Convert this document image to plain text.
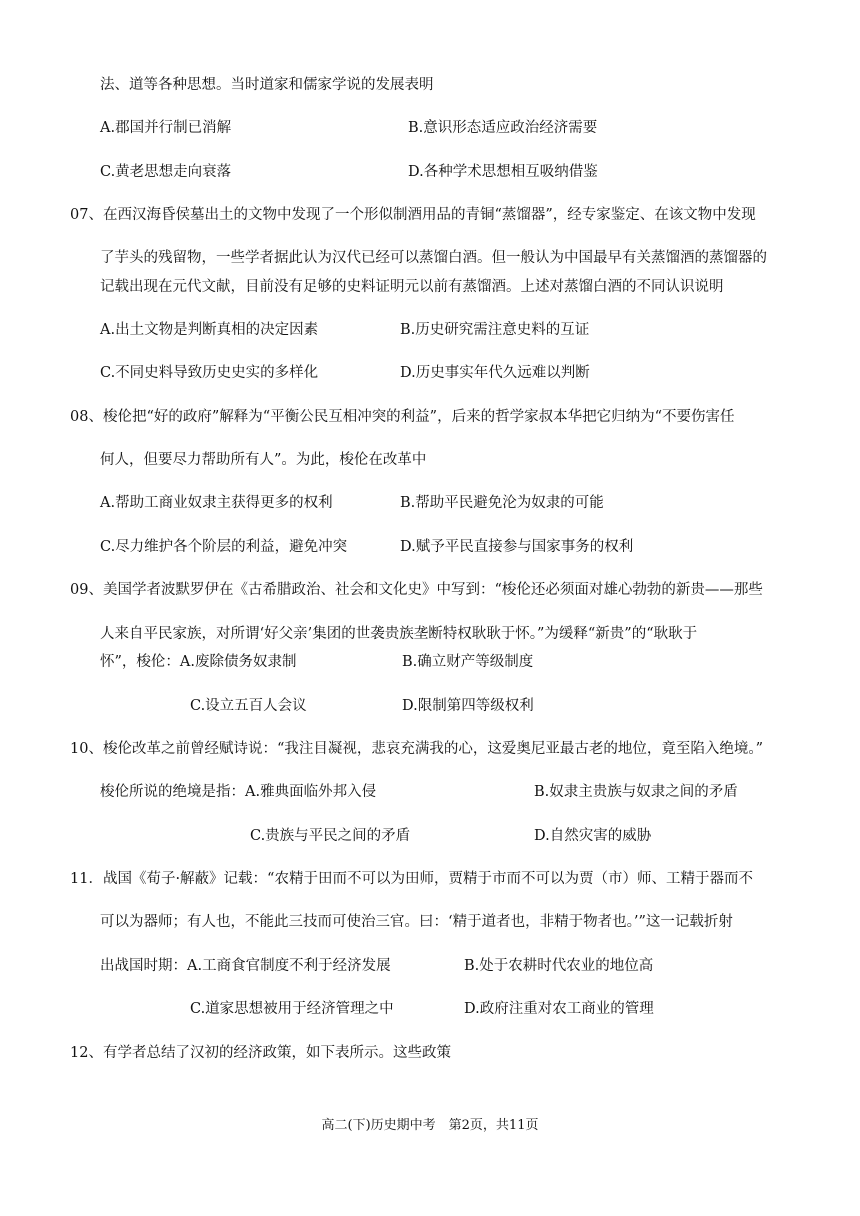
法、道等各种思想。当时道家和儒家学说的发展表明
A.郡国并行制已消解	B.意识形态适应政治经济需要
C.黄老思想走向衰落	D.各种学术思想相互吸纳借鉴
07、在西汉海昏侯墓出土的文物中发现了一个形似制酒用品的青铜“蒸馏器”，经专家鉴定、在该文物中发现
了芋头的残留物，一些学者据此认为汉代已经可以蒸馏白酒。但一般认为中国最早有关蒸馏酒的蒸馏器的
记载出现在元代文献，目前没有足够的史料证明元以前有蒸馏酒。上述对蒸馏白酒的不同认识说明
A.出土文物是判断真相的决定因素	B.历史研究需注意史料的互证
C.不同史料导致历史史实的多样化	D.历史事实年代久远难以判断
08、梭伦把“好的政府”解释为“平衡公民互相冲突的利益”，后来的哲学家叔本华把它归纳为“不要伤害任
何人，但要尽力帮助所有人”。为此，梭伦在改革中
A.帮助工商业奴隶主获得更多的权利	B.帮助平民避免沦为奴隶的可能
C.尽力维护各个阶层的利益，避免冲突	D.赋予平民直接参与国家事务的权利
09、美国学者波默罗伊在《古希腊政治、社会和文化史》中写到：“梭伦还必须面对雄心勃勃的新贵——那些
人来自平民家族，对所谓‘好父亲’集团的世袭贵族垄断特权耿耿于怀。”为缓释“新贵”的“耿耿于
怀”，梭伦：A.废除债务奴隶制	B.确立财产等级制度
C.设立五百人会议	D.限制第四等级权利
10、梭伦改革之前曾经赋诗说：“我注目凝视，悲哀充满我的心，这爱奥尼亚最古老的地位，竟至陷入绝境。”
梭伦所说的绝境是指：A.雅典面临外邦入侵	B.奴隶主贵族与奴隶之间的矛盾
C.贵族与平民之间的矛盾	D.自然灾害的威胁
11．战国《荀子·解蔽》记载：“农精于田而不可以为田师，贾精于市而不可以为贾（市）师、工精于器而不
可以为器师；有人也，不能此三技而可使治三官。曰：‘精于道者也，非精于物者也。’”这一记载折射
出战国时期：A.工商食官制度不利于经济发展	B.处于农耕时代农业的地位高
C.道家思想被用于经济管理之中	D.政府注重对农工商业的管理
12、有学者总结了汉初的经济政策，如下表所示。这些政策
高二(下)历史期中考　第2页，共11页
